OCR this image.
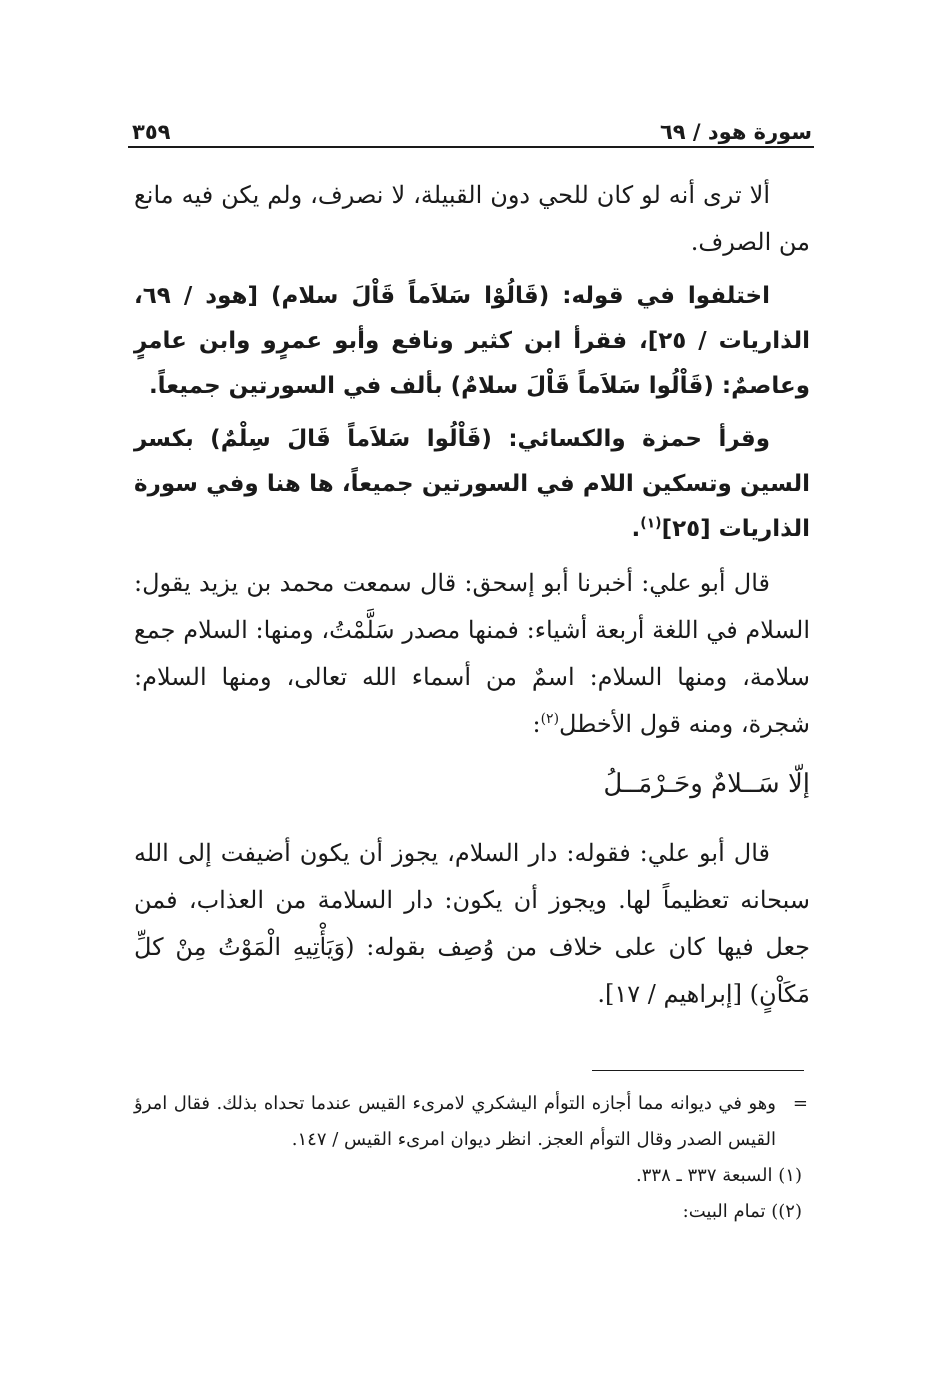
٣٥٩	سورة هود / ٦٩

ألا ترى أنه لو كان للحي دون القبيلة، لا نصرف، ولم يكن فيه مانع من الصرف.

اختلفوا في قوله: (قَالُوْا سَلاَماً قَاْلَ سلام) [هود / ٦٩، الذاريات / ٢٥]، فقرأ ابن كثير ونافع وأبو عمرٍو وابن عامرٍ وعاصمٌ: (قَاْلُوا سَلاَماً قَاْلَ سلامٌ) بألف في السورتين جميعاً.

وقرأ حمزة والكسائي: (قَاْلُوا سَلاَماً قَالَ سِلْمٌ) بكسر السين وتسكين اللام في السورتين جميعاً، ها هنا وفي سورة الذاريات [٢٥]$^{(١)}$.

قال أبو علي: أخبرنا أبو إسحق: قال سمعت محمد بن يزيد يقول: السلام في اللغة أربعة أشياء: فمنها مصدر سَلَّمْتُ، ومنها: السلام جمع سلامة، ومنها السلام: اسمٌ من أسماء الله تعالى، ومنها السلام: شجرة، ومنه قول الأخطل$^{(٢)}$:

إلّا سَــلامٌ وحَـرْمَــلُ

قال أبو علي: فقوله: دار السلام، يجوز أن يكون أضيفت إلى الله سبحانه تعظيماً لها. ويجوز أن يكون: دار السلامة من العذاب، فمن جعل فيها كان على خلاف من وُصِف بقوله: (وَيَأْتِيهِ الْمَوْتُ مِنْ كلِّ مَكَاْنٍ) [إبراهيم / ١٧].

=
وهو في ديوانه مما أجازه التوأم اليشكري لامرىء القيس عندما تحداه بذلك. فقال امرؤ القيس الصدر وقال التوأم العجز. انظر ديوان امرىء القيس / ١٤٧.

(١) السبعة ٣٣٧ ـ ٣٣٨.

(٢)) تمام البيت:
